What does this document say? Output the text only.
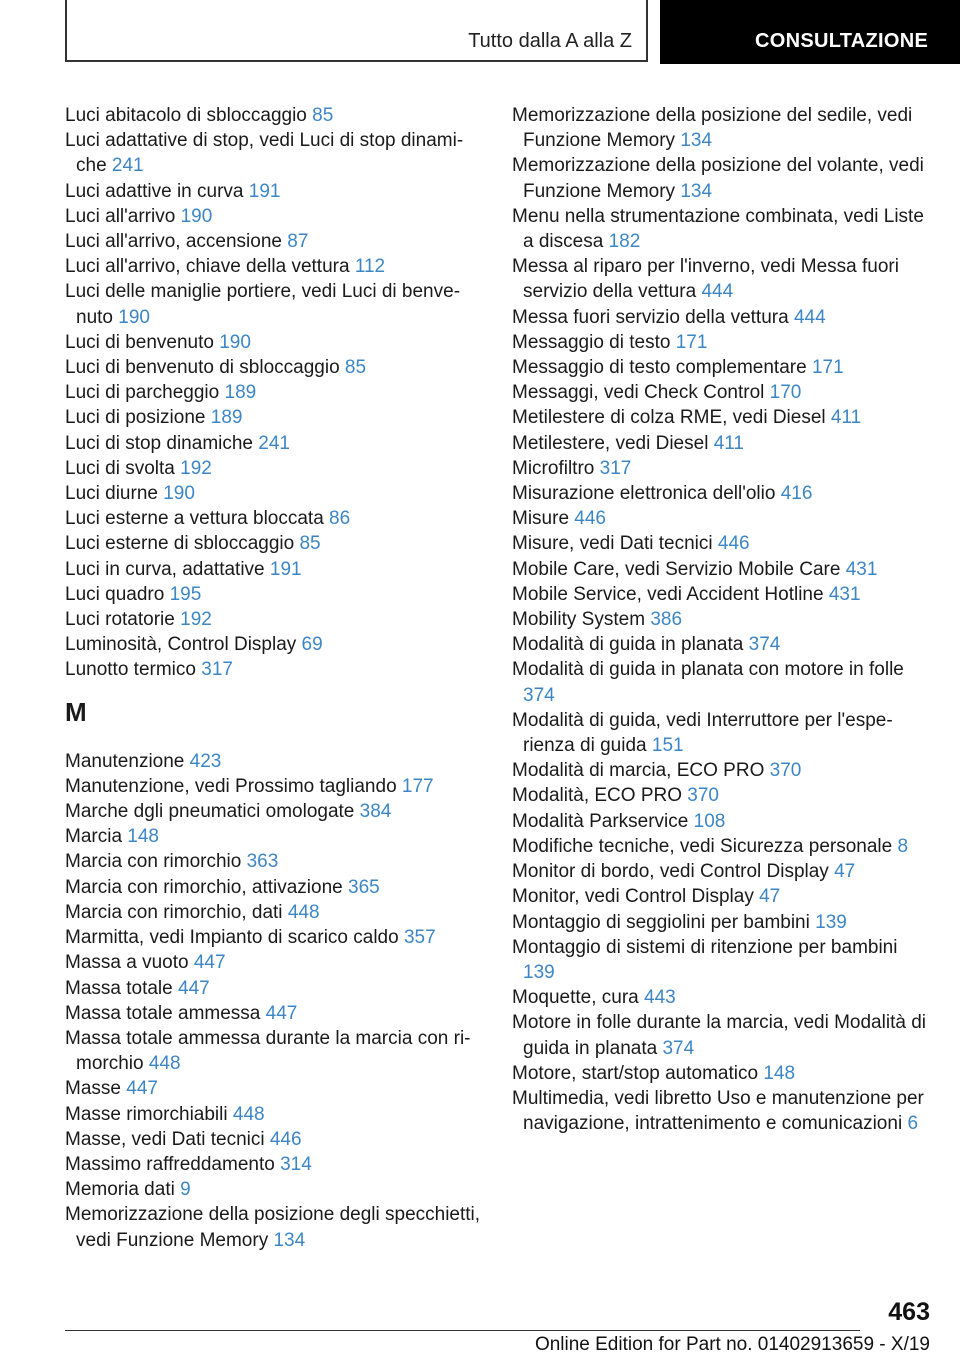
Tutto dalla A alla Z	CONSULTAZIONE
Luci abitacolo di sbloccaggio 85
Luci adattative di stop, vedi Luci di stop dinamiche 241
Luci adattive in curva 191
Luci all'arrivo 190
Luci all'arrivo, accensione 87
Luci all'arrivo, chiave della vettura 112
Luci delle maniglie portiere, vedi Luci di benvenuto 190
Luci di benvenuto 190
Luci di benvenuto di sbloccaggio 85
Luci di parcheggio 189
Luci di posizione 189
Luci di stop dinamiche 241
Luci di svolta 192
Luci diurne 190
Luci esterne a vettura bloccata 86
Luci esterne di sbloccaggio 85
Luci in curva, adattative 191
Luci quadro 195
Luci rotatorie 192
Luminosità, Control Display 69
Lunotto termico 317
M
Manutenzione 423
Manutenzione, vedi Prossimo tagliando 177
Marche dgli pneumatici omologate 384
Marcia 148
Marcia con rimorchio 363
Marcia con rimorchio, attivazione 365
Marcia con rimorchio, dati 448
Marmitta, vedi Impianto di scarico caldo 357
Massa a vuoto 447
Massa totale 447
Massa totale ammessa 447
Massa totale ammessa durante la marcia con rimorchio 448
Masse 447
Masse rimorchiabili 448
Masse, vedi Dati tecnici 446
Massimo raffreddamento 314
Memoria dati 9
Memorizzazione della posizione degli specchietti, vedi Funzione Memory 134
Memorizzazione della posizione del sedile, vedi Funzione Memory 134
Memorizzazione della posizione del volante, vedi Funzione Memory 134
Menu nella strumentazione combinata, vedi Liste a discesa 182
Messa al riparo per l'inverno, vedi Messa fuori servizio della vettura 444
Messa fuori servizio della vettura 444
Messaggio di testo 171
Messaggio di testo complementare 171
Messaggi, vedi Check Control 170
Metilestere di colza RME, vedi Diesel 411
Metilestere, vedi Diesel 411
Microfiltro 317
Misurazione elettronica dell'olio 416
Misure 446
Misure, vedi Dati tecnici 446
Mobile Care, vedi Servizio Mobile Care 431
Mobile Service, vedi Accident Hotline 431
Mobility System 386
Modalità di guida in planata 374
Modalità di guida in planata con motore in folle 374
Modalità di guida, vedi Interruttore per l'esperienza di guida 151
Modalità di marcia, ECO PRO 370
Modalità, ECO PRO 370
Modalità Parkservice 108
Modifiche tecniche, vedi Sicurezza personale 8
Monitor di bordo, vedi Control Display 47
Monitor, vedi Control Display 47
Montaggio di seggiolini per bambini 139
Montaggio di sistemi di ritenzione per bambini 139
Moquette, cura 443
Motore in folle durante la marcia, vedi Modalità di guida in planata 374
Motore, start/stop automatico 148
Multimedia, vedi libretto Uso e manutenzione per navigazione, intrattenimento e comunicazioni 6
463
Online Edition for Part no. 01402913659 - X/19
